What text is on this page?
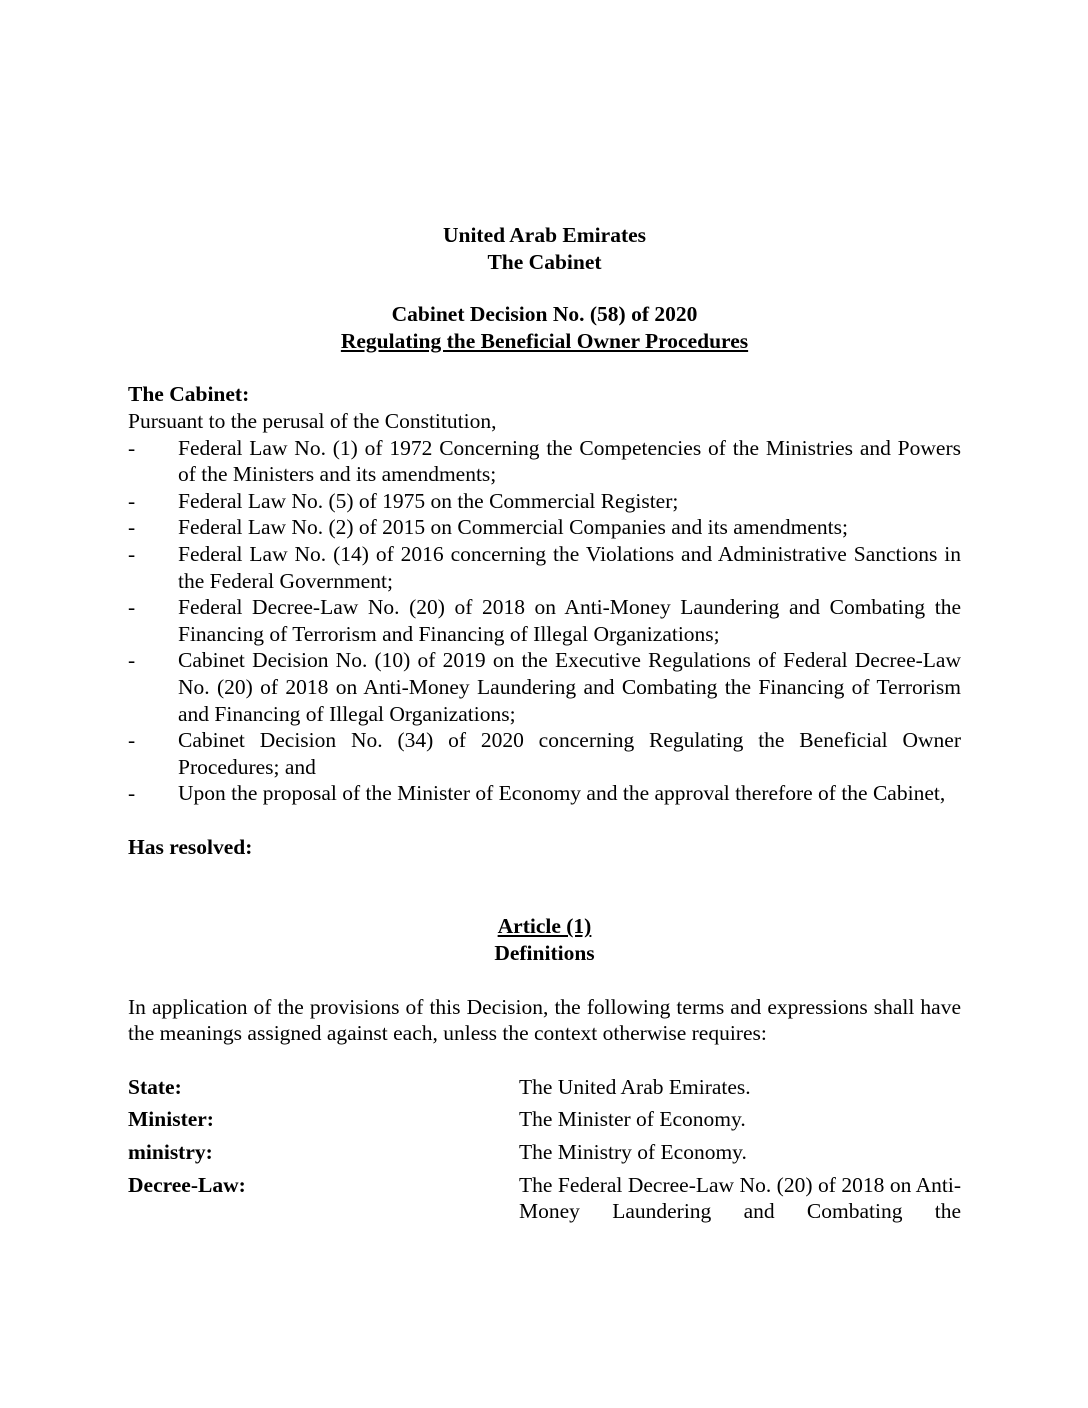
United Arab Emirates
The Cabinet
Cabinet Decision No. (58) of 2020
Regulating the Beneficial Owner Procedures

The Cabinet:

Pursuant to the perusal of the Constitution,

- Federal Law No. (1) of 1972 Concerning the Competencies of the Ministries and Powers of the Ministers and its amendments;
- Federal Law No. (5) of 1975 on the Commercial Register;
- Federal Law No. (2) of 2015 on Commercial Companies and its amendments;
- Federal Law No. (14) of 2016 concerning the Violations and Administrative Sanctions in the Federal Government;
- Federal Decree-Law No. (20) of 2018 on Anti-Money Laundering and Combating the Financing of Terrorism and Financing of Illegal Organizations;
- Cabinet Decision No. (10) of 2019 on the Executive Regulations of Federal Decree-Law No. (20) of 2018 on Anti-Money Laundering and Combating the Financing of Terrorism and Financing of Illegal Organizations;
- Cabinet Decision No. (34) of 2020 concerning Regulating the Beneficial Owner Procedures; and
- Upon the proposal of the Minister of Economy and the approval therefore of the Cabinet,

Has resolved:

Article (1)
Definitions

In application of the provisions of this Decision, the following terms and expressions shall have the meanings assigned against each, unless the context otherwise requires:

State:	The United Arab Emirates.
Minister:	The Minister of Economy.
ministry:	The Ministry of Economy.
Decree-Law:	The Federal Decree-Law No. (20) of 2018 on Anti-Money Laundering and Combating the
